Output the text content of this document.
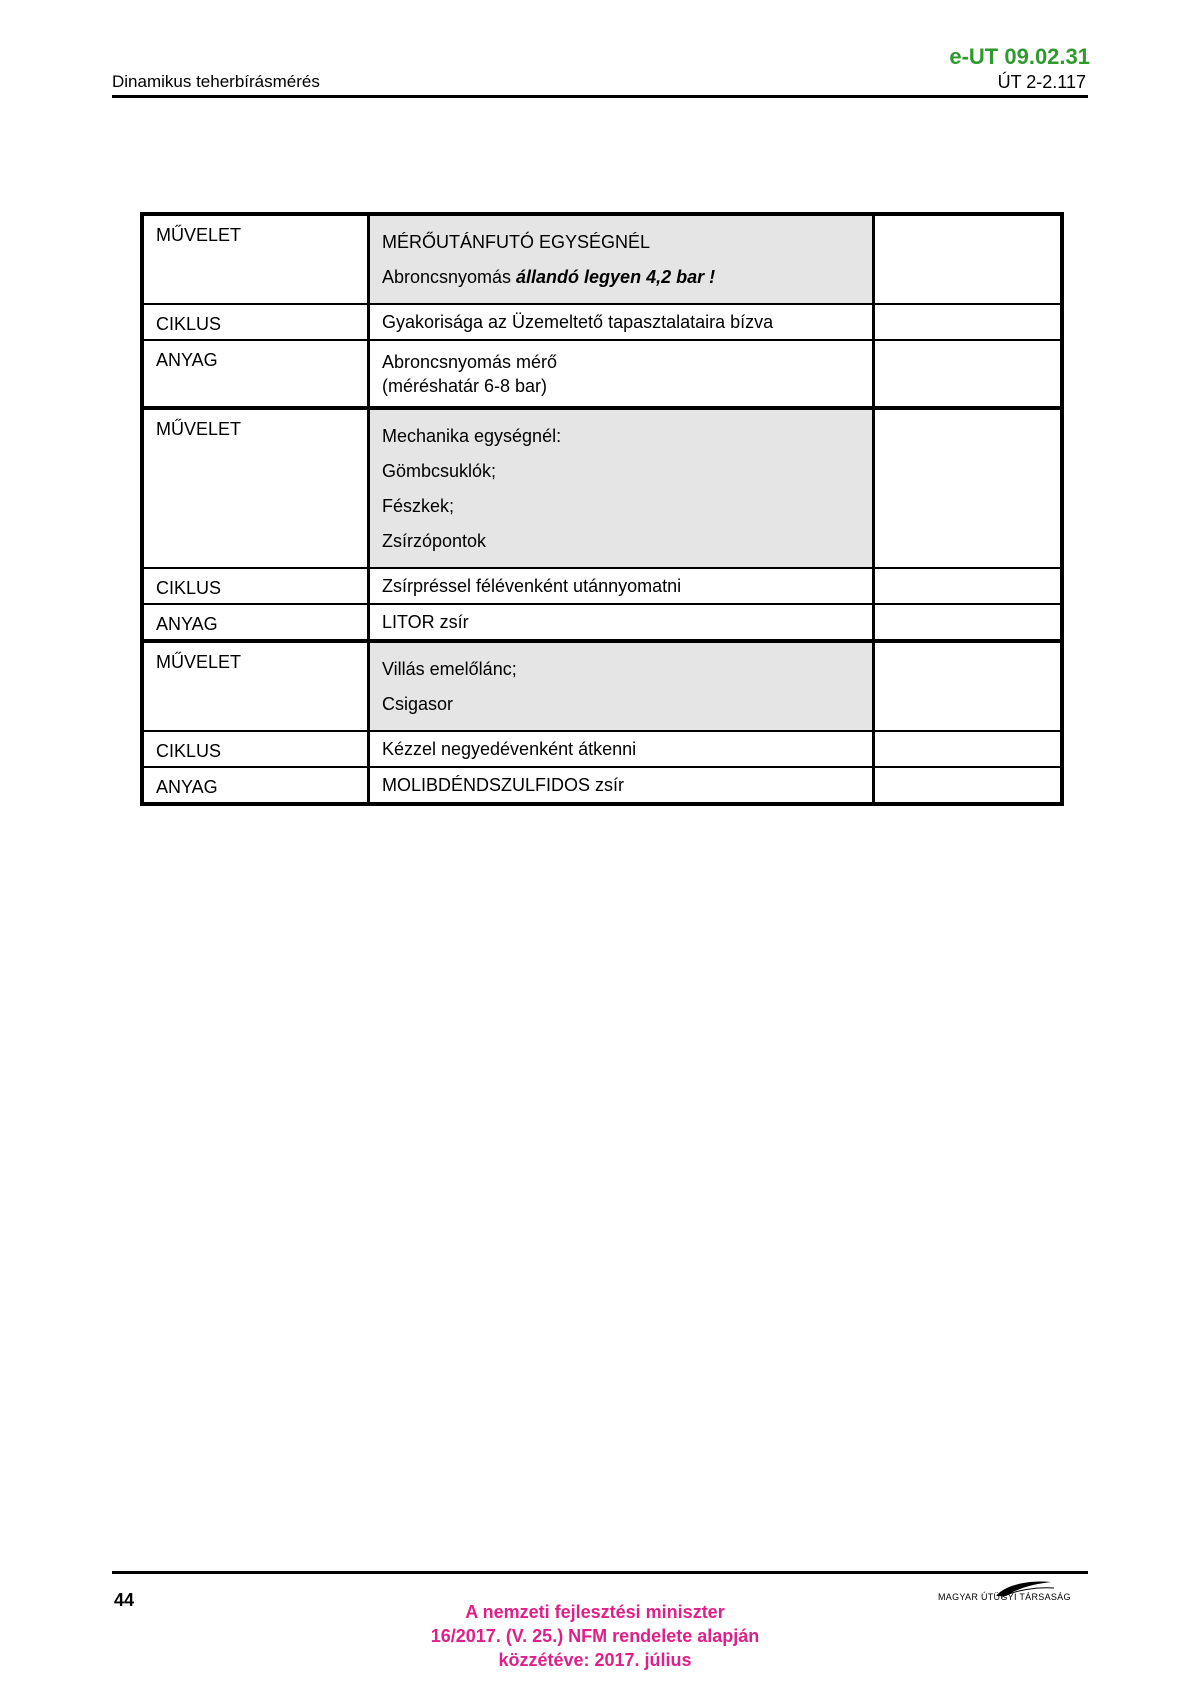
e-UT 09.02.31
Dinamikus teherbírásmérés	ÚT 2-2.117
MŰVELET	MÉRŐUTÁNFUTÓ EGYSÉGNÉL
Abroncsnyomás állandó legyen 4,2 bar !	

CIKLUS	Gyakorisága az Üzemeltető tapasztalataira bízva	

ANYAG	Abroncsnyomás mérő
(méréshatár 6-8 bar)	

MŰVELET	Mechanika egységnél:
Gömbcsuklók;
Fészkek;
Zsírzópontok	

CIKLUS	Zsírpréssel félévenként utánnyomatni	

ANYAG	LITOR zsír	

MŰVELET	Villás emelőlánc;
Csigasor	

CIKLUS	Kézzel negyedévenként átkenni	

ANYAG	MOLIBDÉNDSZULFIDOS zsír	

44
A nemzeti fejlesztési miniszter
16/2017. (V. 25.) NFM rendelete alapján
közzétéve: 2017. július
MAGYAR ÚTÜGYI TÁRSASÁG
